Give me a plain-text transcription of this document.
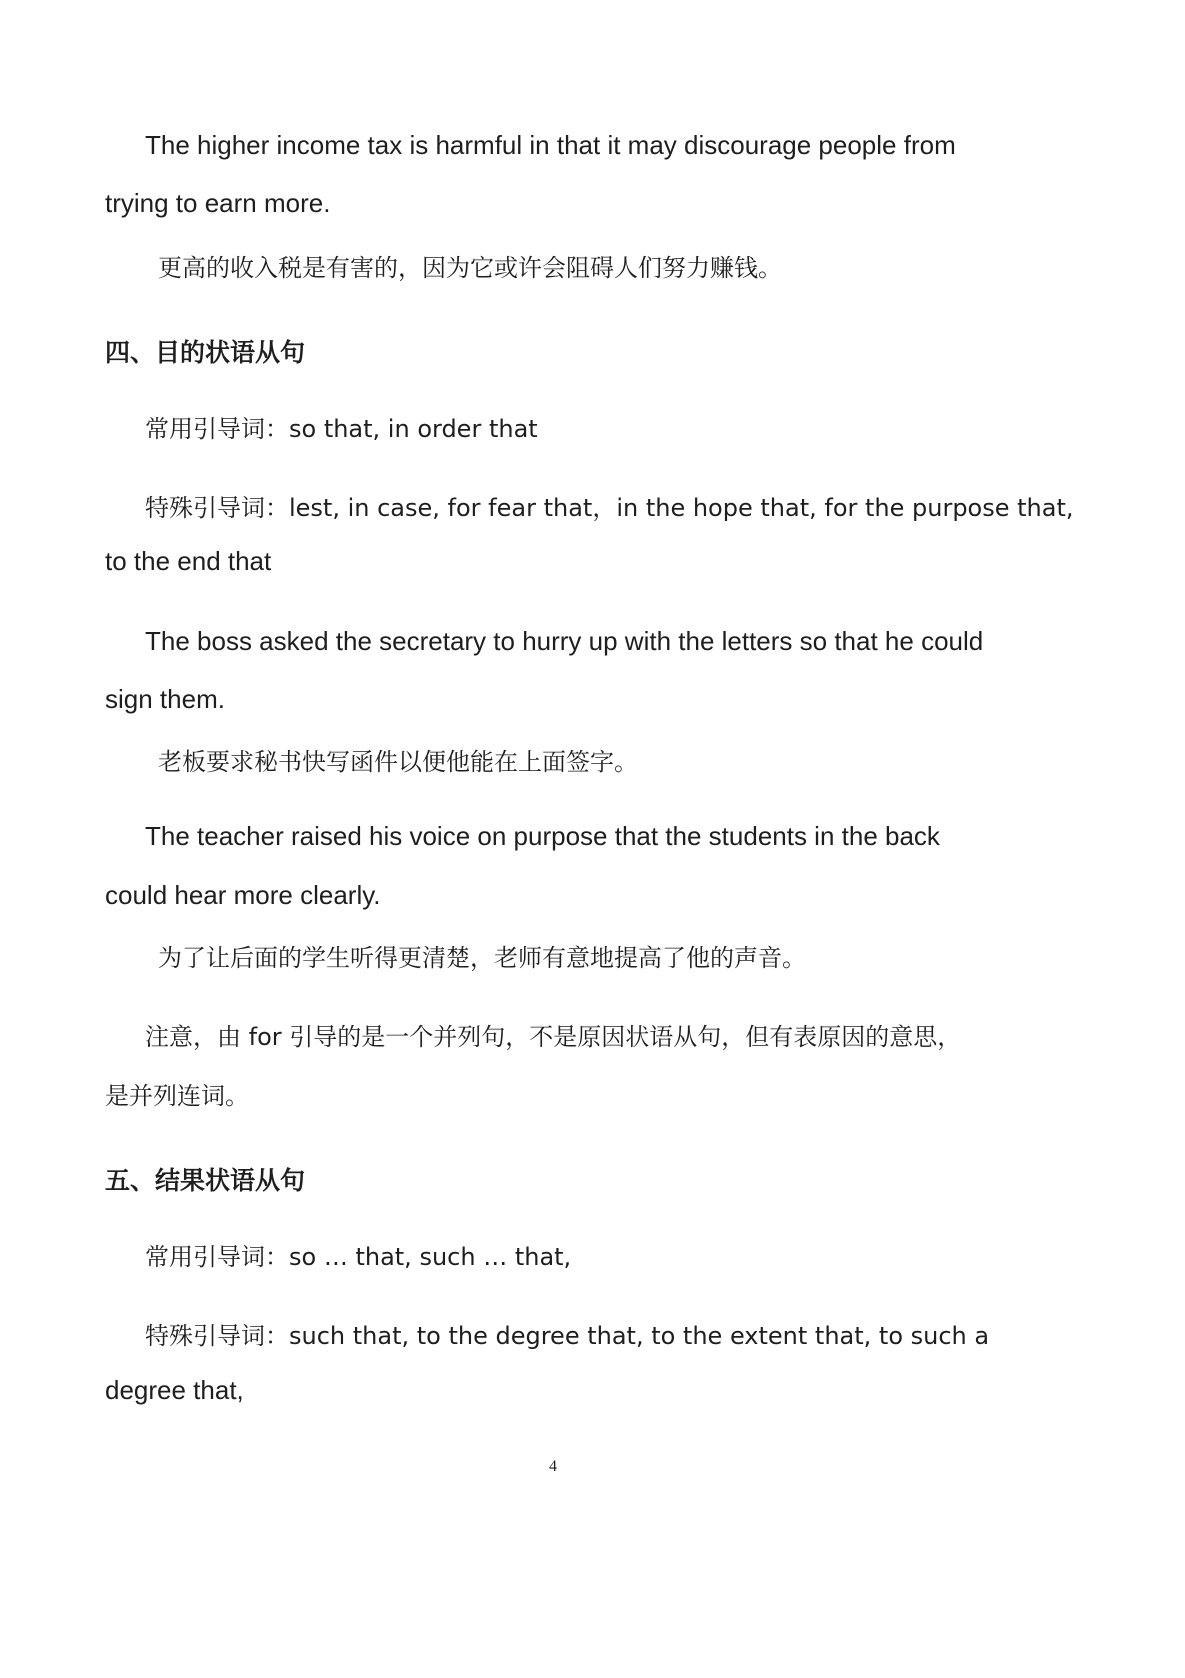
The higher income tax is harmful in that it may discourage people from

trying to earn more.

更高的收入税是有害的，因为它或许会阻碍人们努力赚钱。

四、目的状语从句

常用引导词：so that, in order that

特殊引导词：lest, in case, for fear that，in the hope that, for the purpose that,

to the end that

The boss asked the secretary to hurry up with the letters so that he could

sign them.

老板要求秘书快写函件以便他能在上面签字。

The teacher raised his voice on purpose that the students in the back

could hear more clearly.

为了让后面的学生听得更清楚，老师有意地提高了他的声音。

注意，由 for 引导的是一个并列句，不是原因状语从句，但有表原因的意思，

是并列连词。

五、结果状语从句

常用引导词：so … that, such … that,

特殊引导词：such that, to the degree that, to the extent that, to such a

degree that,

4
